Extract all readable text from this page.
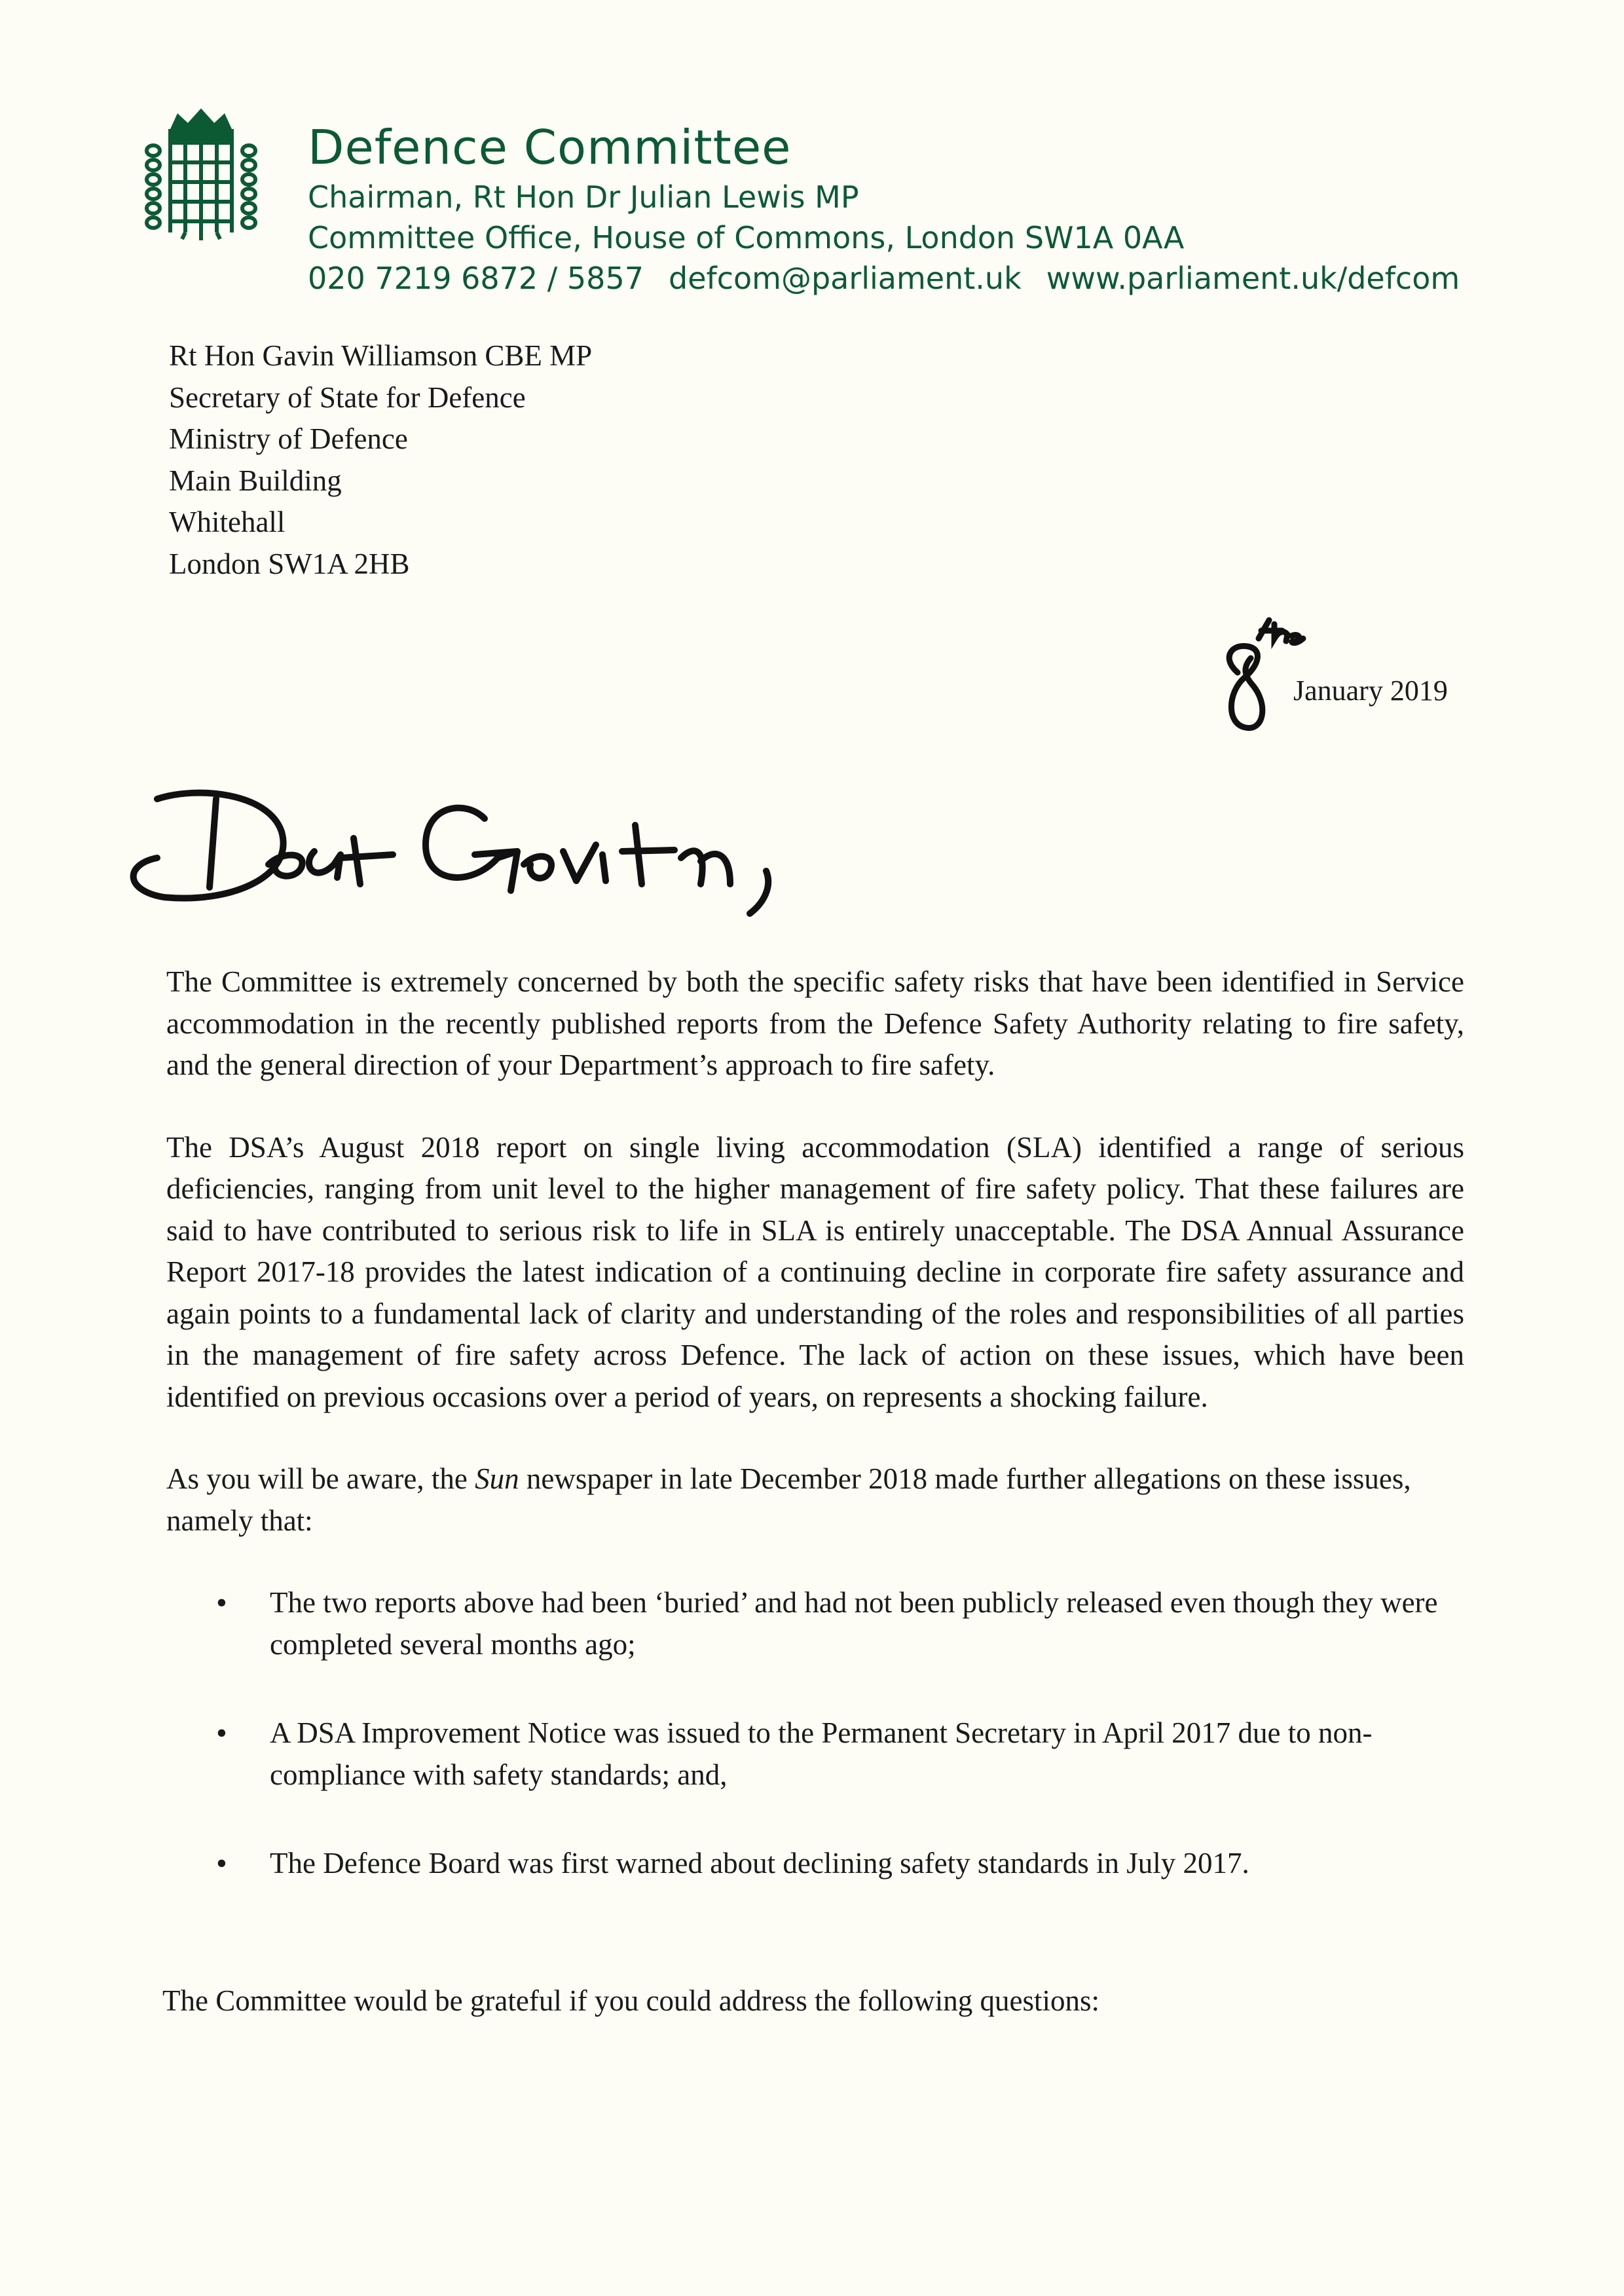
Defence Committee
Chairman, Rt Hon Dr Julian Lewis MP
Committee Office, House of Commons, London SW1A 0AA
020 7219 6872 / 5857 defcom@parliament.uk www.parliament.uk/defcom
Rt Hon Gavin Williamson CBE MP
Secretary of State for Defence
Ministry of Defence
Main Building
Whitehall
London SW1A 2HB
January 2019

The Committee is extremely concerned by both the specific safety risks that have been identified in Service accommodation in the recently published reports from the Defence Safety Authority relating to fire safety, and the general direction of your Department’s approach to fire safety.

The DSA’s August 2018 report on single living accommodation (SLA) identified a range of serious deficiencies, ranging from unit level to the higher management of fire safety policy. That these failures are said to have contributed to serious risk to life in SLA is entirely unacceptable. The DSA Annual Assurance Report 2017-18 provides the latest indication of a continuing decline in corporate fire safety assurance and again points to a fundamental lack of clarity and understanding of the roles and responsibilities of all parties in the management of fire safety across Defence. The lack of action on these issues, which have been identified on previous occasions over a period of years, on represents a shocking failure.

As you will be aware, the Sun newspaper in late December 2018 made further allegations on these issues, namely that:

• The two reports above had been ‘buried’ and had not been publicly released even though they were completed several months ago;
• A DSA Improvement Notice was issued to the Permanent Secretary in April 2017 due to non-compliance with safety standards; and,
• The Defence Board was first warned about declining safety standards in July 2017.
The Committee would be grateful if you could address the following questions:
